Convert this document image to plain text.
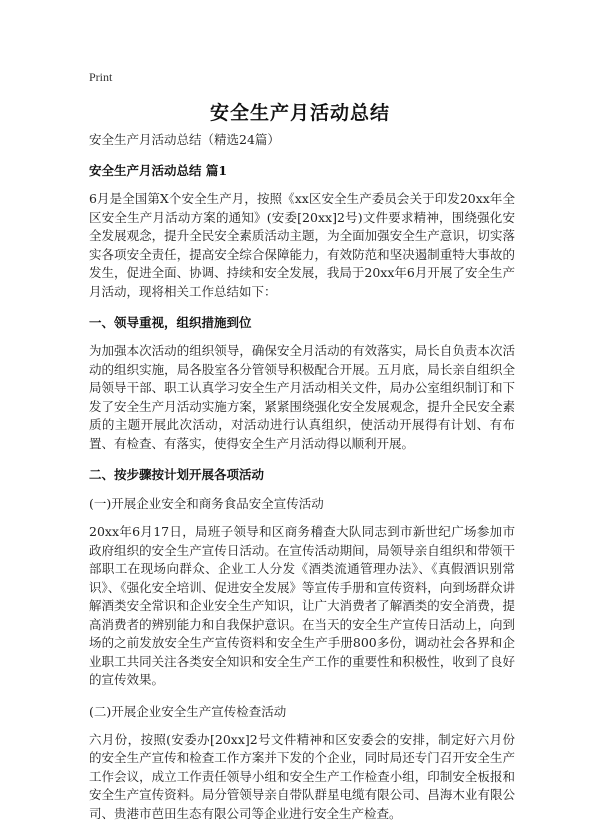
Print
安全生产月活动总结
安全生产月活动总结（精选24篇）
安全生产月活动总结 篇1
6月是全国第X个安全生产月，按照《xx区安全生产委员会关于印发20xx年全区安全生产月活动方案的通知》(安委[20xx]2号)文件要求精神，围绕强化安全发展观念，提升全民安全素质活动主题，为全面加强安全生产意识，切实落实各项安全责任，提高安全综合保障能力，有效防范和坚决遏制重特大事故的发生，促进全面、协调、持续和安全发展，我局于20xx年6月开展了安全生产月活动，现将相关工作总结如下：
一、领导重视，组织措施到位
为加强本次活动的组织领导，确保安全月活动的有效落实，局长自负责本次活动的组织实施，局各股室各分管领导积极配合开展。五月底，局长亲自组织全局领导干部、职工认真学习安全生产月活动相关文件，局办公室组织制订和下发了安全生产月活动实施方案，紧紧围绕强化安全发展观念，提升全民安全素质的主题开展此次活动，对活动进行认真组织，使活动开展得有计划、有布置、有检查、有落实，使得安全生产月活动得以顺利开展。
二、按步骤按计划开展各项活动
(一)开展企业安全和商务食品安全宣传活动
20xx年6月17日，局班子领导和区商务稽查大队同志到市新世纪广场参加市政府组织的安全生产宣传日活动。在宣传活动期间，局领导亲自组织和带领干部职工在现场向群众、企业工人分发《酒类流通管理办法》、《真假酒识别常识》、《强化安全培训、促进安全发展》等宣传手册和宣传资料，向到场群众讲解酒类安全常识和企业安全生产知识，让广大消费者了解酒类的安全消费，提高消费者的辨别能力和自我保护意识。在当天的安全生产宣传日活动上，向到场的之前发放安全生产宣传资料和安全生产手册800多份，调动社会各界和企业职工共同关注各类安全知识和安全生产工作的重要性和积极性，收到了良好的宣传效果。
(二)开展企业安全生产宣传检查活动
六月份，按照(安委办[20xx]2号文件精神和区安委会的安排，制定好六月份的安全生产宣传和检查工作方案并下发的个企业，同时局还专门召开安全生产工作会议，成立工作责任领导小组和安全生产工作检查小组，印制安全板报和安全生产宣传资料。局分管领导亲自带队群星电缆有限公司、昌海木业有限公司、贵港市芭田生态有限公司等企业进行安全生产检查。
